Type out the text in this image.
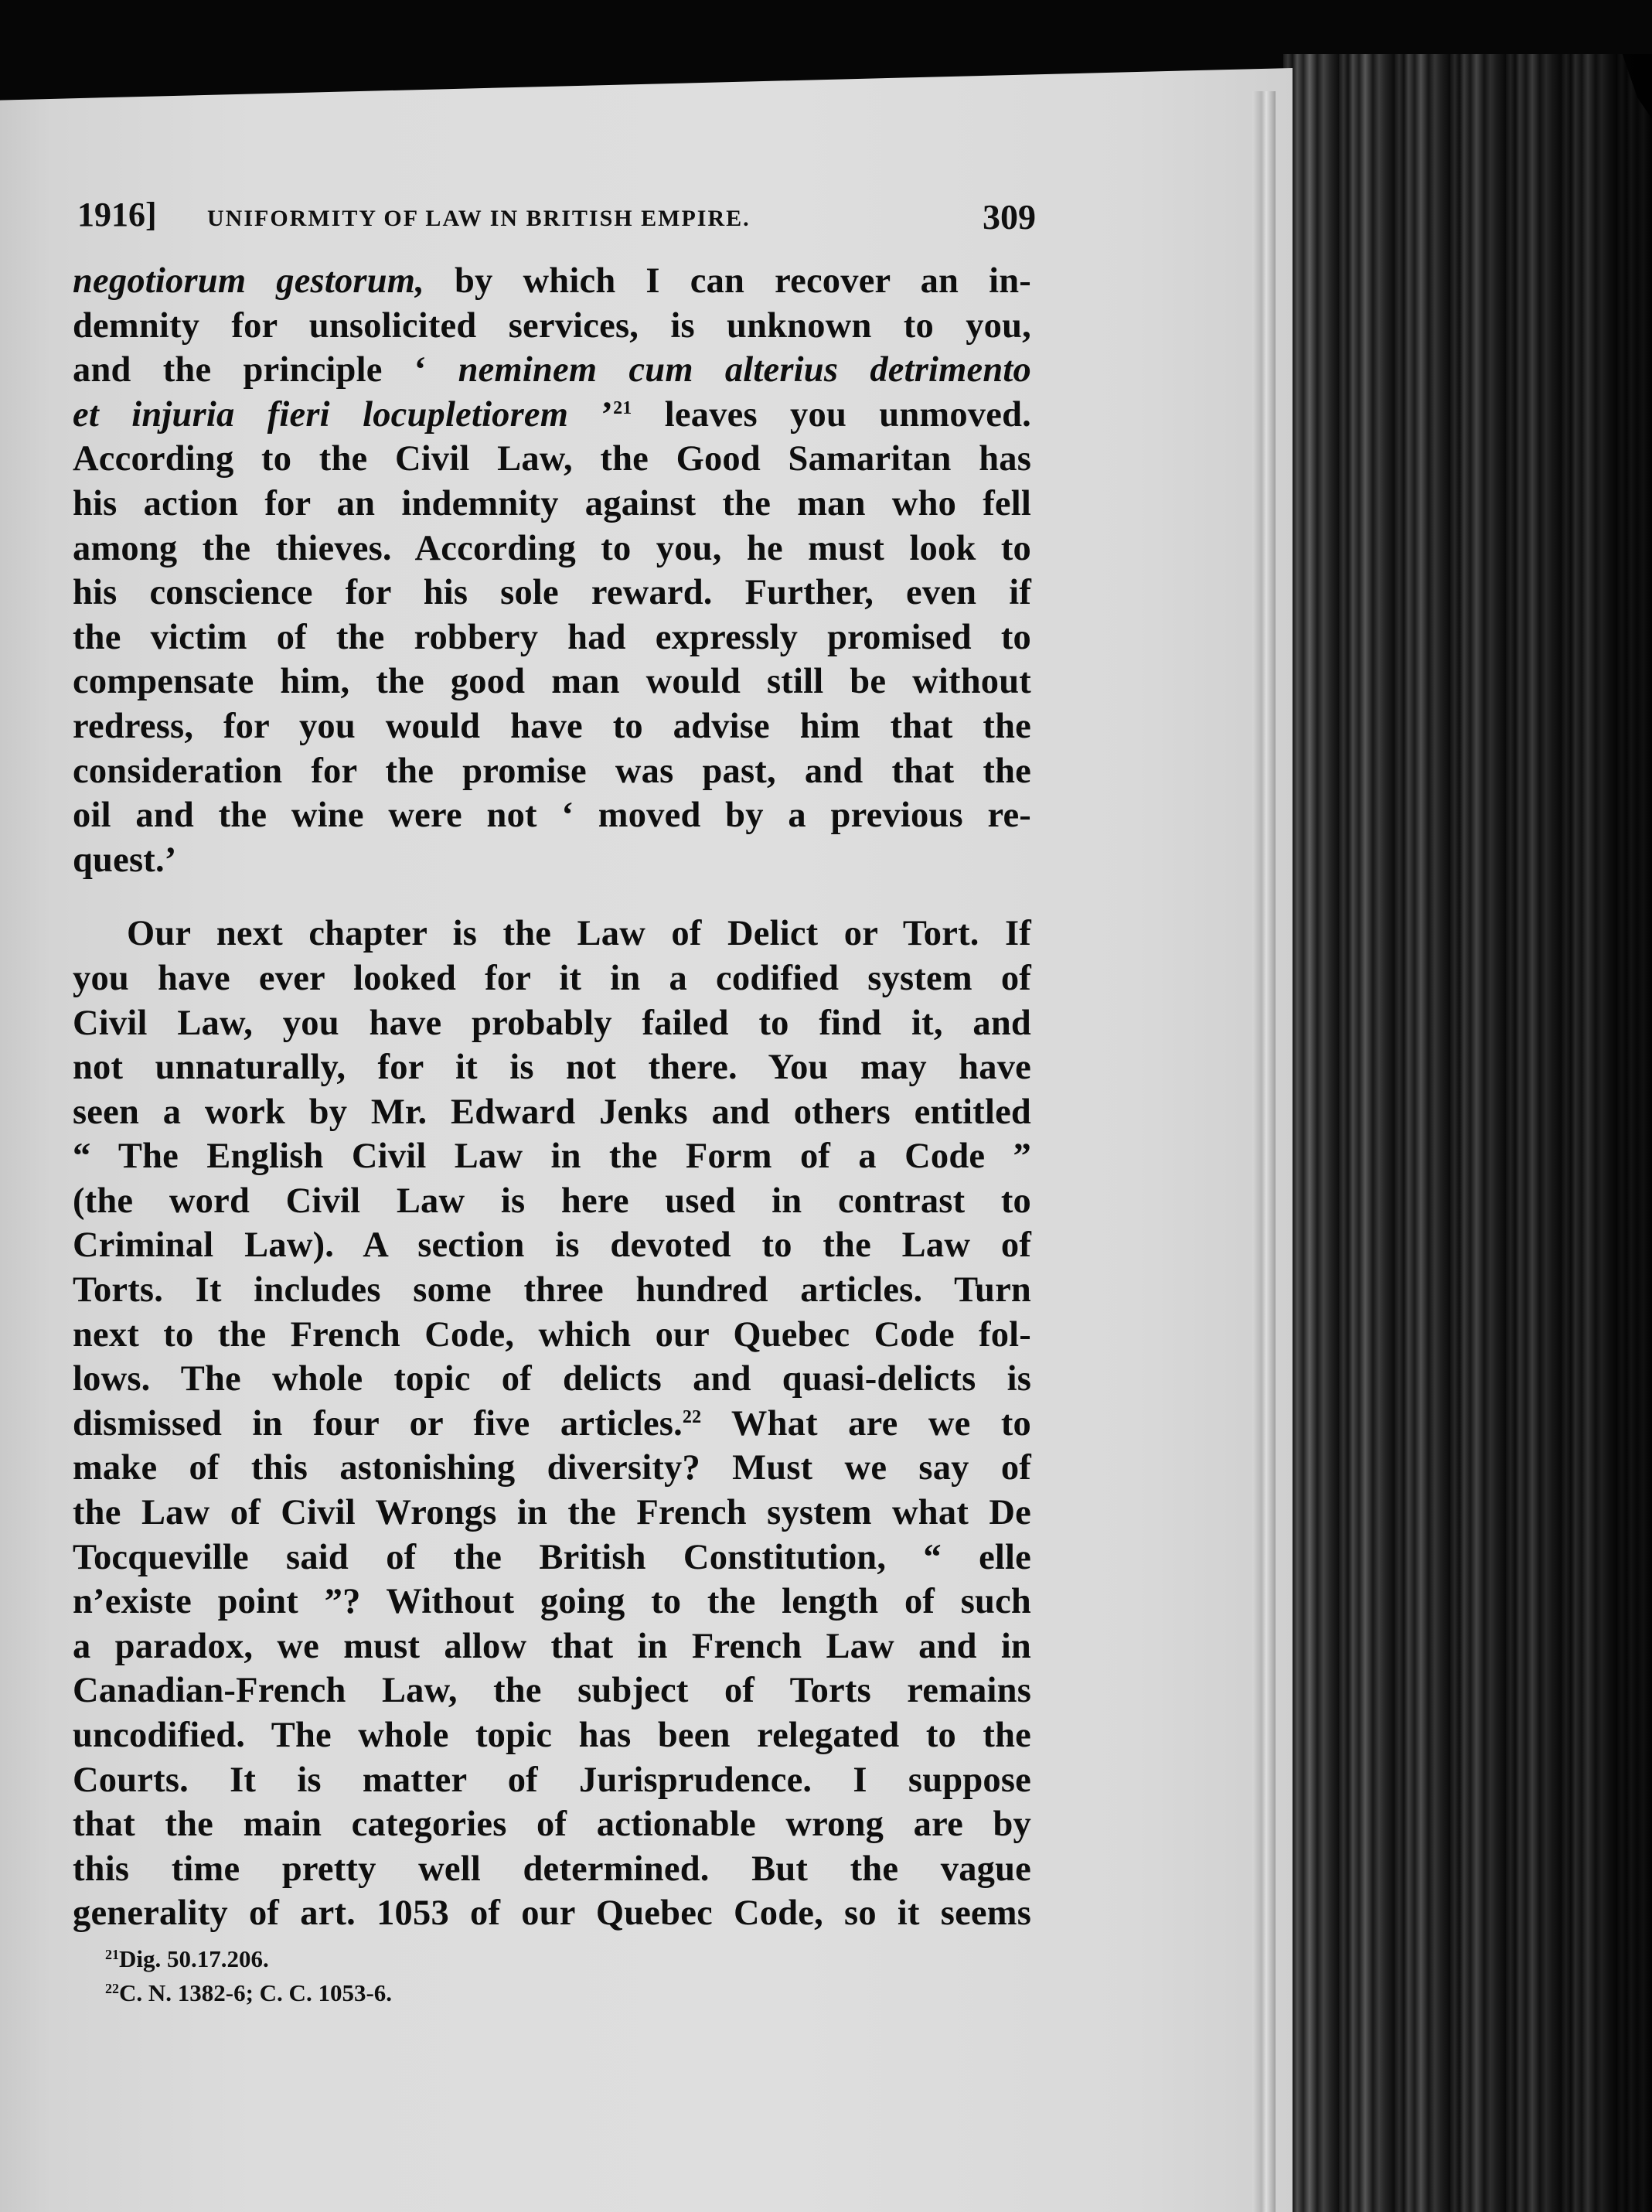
1916] UNIFORMITY OF LAW IN BRITISH EMPIRE.	309
negotiorum gestorum, by which I can recover an in-
demnity for unsolicited services, is unknown to you,
and the principle ‘ neminem cum alterius detrimento
et injuria fieri locupletiorem ’$^{21}$ leaves you unmoved.
According to the Civil Law, the Good Samaritan has
his action for an indemnity against the man who fell
among the thieves. According to you, he must look to
his conscience for his sole reward. Further, even if
the victim of the robbery had expressly promised to
compensate him, the good man would still be without
redress, for you would have to advise him that the
consideration for the promise was past, and that the
oil and the wine were not ‘ moved by a previous re-
quest.’
Our next chapter is the Law of Delict or Tort. If
you have ever looked for it in a codified system of
Civil Law, you have probably failed to find it, and
not unnaturally, for it is not there. You may have
seen a work by Mr. Edward Jenks and others entitled
“ The English Civil Law in the Form of a Code ”
(the word Civil Law is here used in contrast to
Criminal Law). A section is devoted to the Law of
Torts. It includes some three hundred articles. Turn
next to the French Code, which our Quebec Code fol-
lows. The whole topic of delicts and quasi-delicts is
dismissed in four or five articles.$^{22}$ What are we to
make of this astonishing diversity? Must we say of
the Law of Civil Wrongs in the French system what De
Tocqueville said of the British Constitution, “ elle
n’existe point ”? Without going to the length of such
a paradox, we must allow that in French Law and in
Canadian-French Law, the subject of Torts remains
uncodified. The whole topic has been relegated to the
Courts. It is matter of Jurisprudence. I suppose
that the main categories of actionable wrong are by
this time pretty well determined. But the vague
generality of art. 1053 of our Quebec Code, so it seems
$^{21}$Dig. 50.17.206.
$^{22}$C. N. 1382-6; C. C. 1053-6.
